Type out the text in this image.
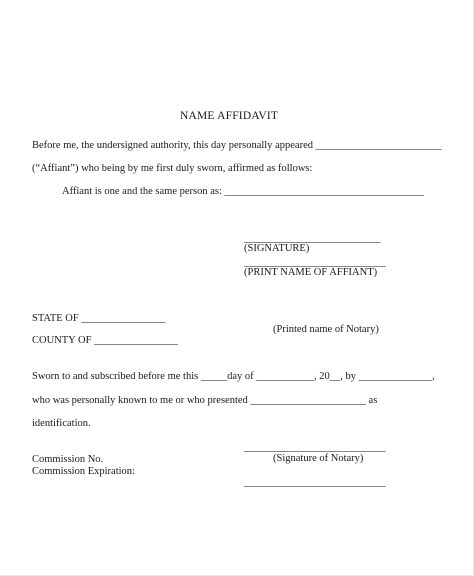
NAME AFFIDAVIT
Before me, the undersigned authority, this day personally appeared ________________________
(“Affiant”) who being by me first duly sworn, affirmed as follows:
Affiant is one and the same person as: ______________________________________
__________________________
(SIGNATURE)
___________________________
(PRINT NAME OF AFFIANT)
STATE OF ________________
(Printed name of Notary)
COUNTY OF ________________
Sworn to and subscribed before me this _____day of ___________, 20__, by ______________,
who was personally known to me or who presented ______________________ as
identification.
___________________________
Commission No.	(Signature of Notary)
Commission Expiration:
___________________________
